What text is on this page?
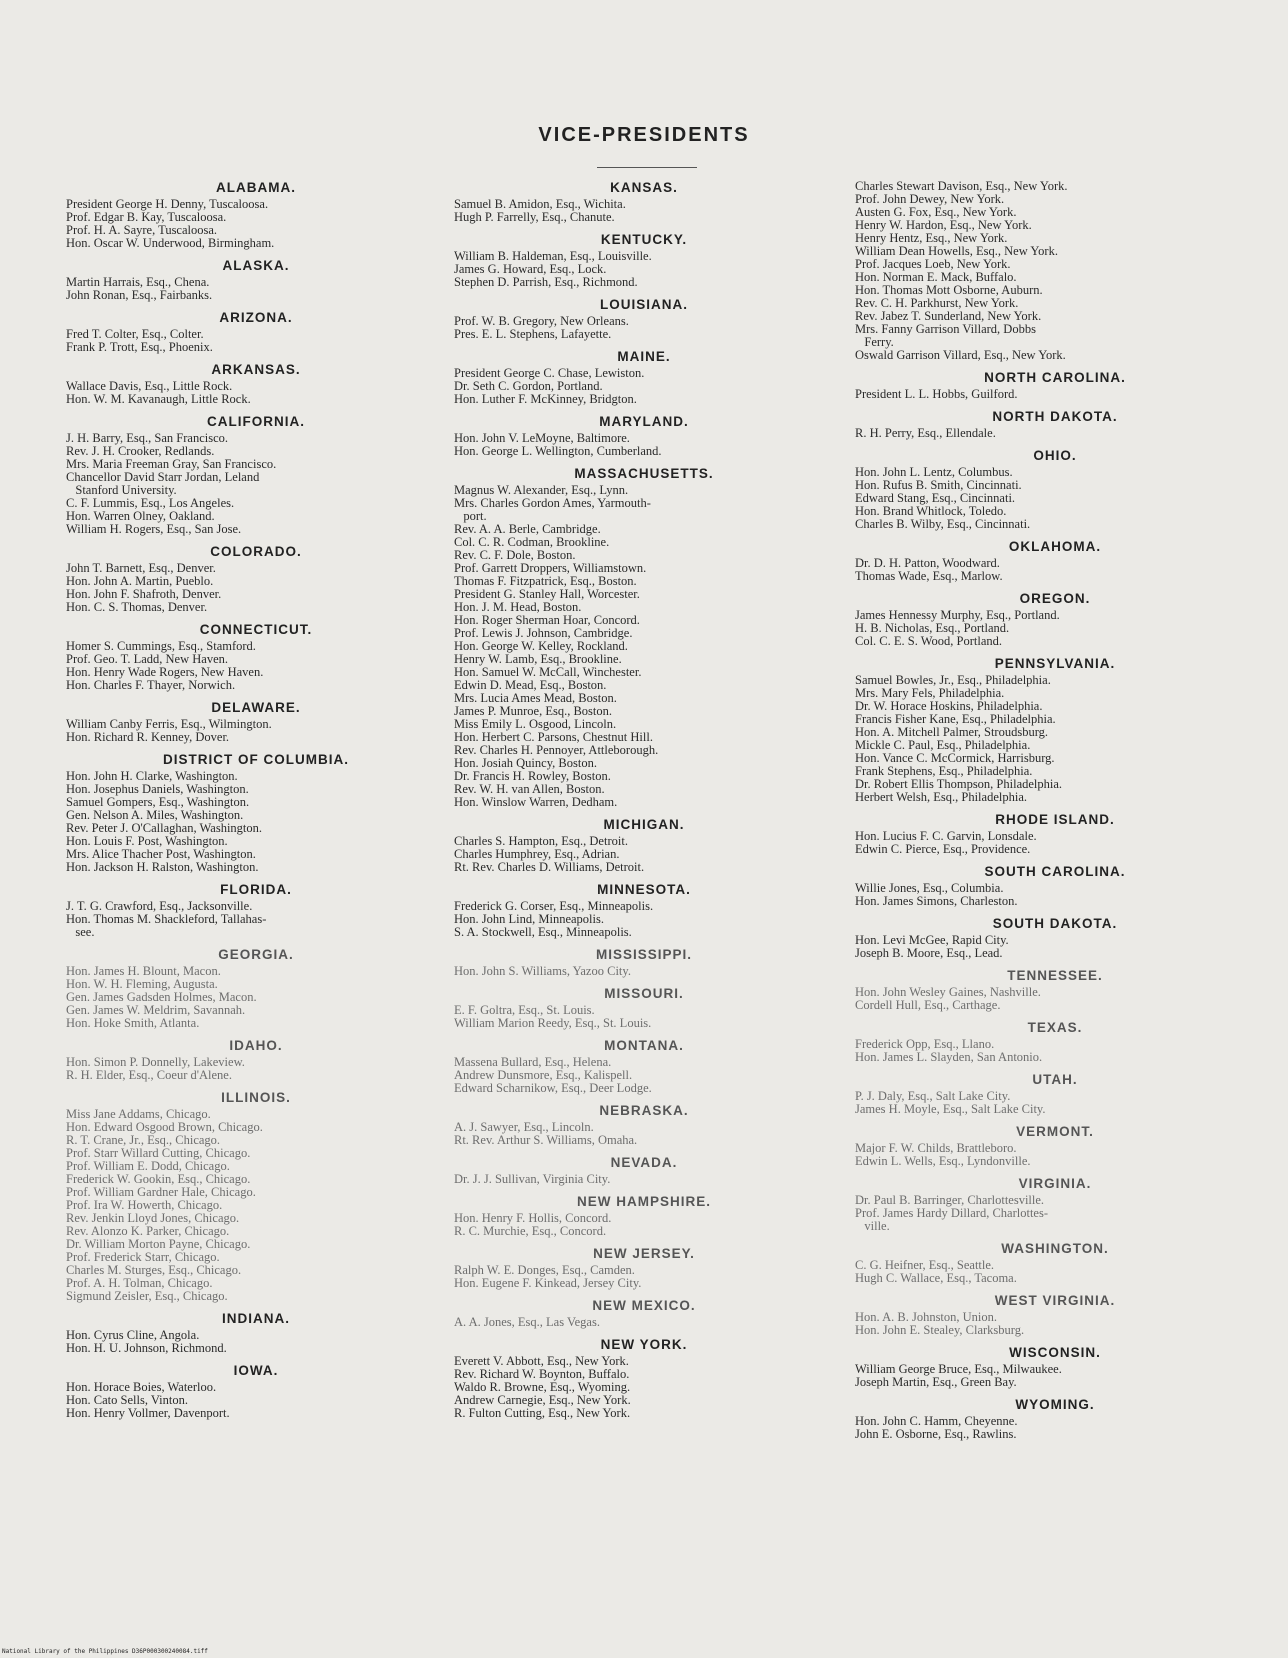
VICE-PRESIDENTS
ALABAMA.
President George H. Denny, Tuscaloosa.
Prof. Edgar B. Kay, Tuscaloosa.
Prof. H. A. Sayre, Tuscaloosa.
Hon. Oscar W. Underwood, Birmingham.
ALASKA.
Martin Harrais, Esq., Chena.
John Ronan, Esq., Fairbanks.
ARIZONA.
Fred T. Colter, Esq., Colter.
Frank P. Trott, Esq., Phoenix.
ARKANSAS.
Wallace Davis, Esq., Little Rock.
Hon. W. M. Kavanaugh, Little Rock.
CALIFORNIA.
J. H. Barry, Esq., San Francisco.
Rev. J. H. Crooker, Redlands.
Mrs. Maria Freeman Gray, San Francisco.
Chancellor David Starr Jordan, Leland
Stanford University.
C. F. Lummis, Esq., Los Angeles.
Hon. Warren Olney, Oakland.
William H. Rogers, Esq., San Jose.
COLORADO.
John T. Barnett, Esq., Denver.
Hon. John A. Martin, Pueblo.
Hon. John F. Shafroth, Denver.
Hon. C. S. Thomas, Denver.
CONNECTICUT.
Homer S. Cummings, Esq., Stamford.
Prof. Geo. T. Ladd, New Haven.
Hon. Henry Wade Rogers, New Haven.
Hon. Charles F. Thayer, Norwich.
DELAWARE.
William Canby Ferris, Esq., Wilmington.
Hon. Richard R. Kenney, Dover.
DISTRICT OF COLUMBIA.
Hon. John H. Clarke, Washington.
Hon. Josephus Daniels, Washington.
Samuel Gompers, Esq., Washington.
Gen. Nelson A. Miles, Washington.
Rev. Peter J. O'Callaghan, Washington.
Hon. Louis F. Post, Washington.
Mrs. Alice Thacher Post, Washington.
Hon. Jackson H. Ralston, Washington.
FLORIDA.
J. T. G. Crawford, Esq., Jacksonville.
Hon. Thomas M. Shackleford, Tallahas-
see.
GEORGIA.
Hon. James H. Blount, Macon.
Hon. W. H. Fleming, Augusta.
Gen. James Gadsden Holmes, Macon.
Gen. James W. Meldrim, Savannah.
Hon. Hoke Smith, Atlanta.
IDAHO.
Hon. Simon P. Donnelly, Lakeview.
R. H. Elder, Esq., Coeur d'Alene.
ILLINOIS.
Miss Jane Addams, Chicago.
Hon. Edward Osgood Brown, Chicago.
R. T. Crane, Jr., Esq., Chicago.
Prof. Starr Willard Cutting, Chicago.
Prof. William E. Dodd, Chicago.
Frederick W. Gookin, Esq., Chicago.
Prof. William Gardner Hale, Chicago.
Prof. Ira W. Howerth, Chicago.
Rev. Jenkin Lloyd Jones, Chicago.
Rev. Alonzo K. Parker, Chicago.
Dr. William Morton Payne, Chicago.
Prof. Frederick Starr, Chicago.
Charles M. Sturges, Esq., Chicago.
Prof. A. H. Tolman, Chicago.
Sigmund Zeisler, Esq., Chicago.
INDIANA.
Hon. Cyrus Cline, Angola.
Hon. H. U. Johnson, Richmond.
IOWA.
Hon. Horace Boies, Waterloo.
Hon. Cato Sells, Vinton.
Hon. Henry Vollmer, Davenport.
KANSAS.
Samuel B. Amidon, Esq., Wichita.
Hugh P. Farrelly, Esq., Chanute.
KENTUCKY.
William B. Haldeman, Esq., Louisville.
James G. Howard, Esq., Lock.
Stephen D. Parrish, Esq., Richmond.
LOUISIANA.
Prof. W. B. Gregory, New Orleans.
Pres. E. L. Stephens, Lafayette.
MAINE.
President George C. Chase, Lewiston.
Dr. Seth C. Gordon, Portland.
Hon. Luther F. McKinney, Bridgton.
MARYLAND.
Hon. John V. LeMoyne, Baltimore.
Hon. George L. Wellington, Cumberland.
MASSACHUSETTS.
Magnus W. Alexander, Esq., Lynn.
Mrs. Charles Gordon Ames, Yarmouth-
port.
Rev. A. A. Berle, Cambridge.
Col. C. R. Codman, Brookline.
Rev. C. F. Dole, Boston.
Prof. Garrett Droppers, Williamstown.
Thomas F. Fitzpatrick, Esq., Boston.
President G. Stanley Hall, Worcester.
Hon. J. M. Head, Boston.
Hon. Roger Sherman Hoar, Concord.
Prof. Lewis J. Johnson, Cambridge.
Hon. George W. Kelley, Rockland.
Henry W. Lamb, Esq., Brookline.
Hon. Samuel W. McCall, Winchester.
Edwin D. Mead, Esq., Boston.
Mrs. Lucia Ames Mead, Boston.
James P. Munroe, Esq., Boston.
Miss Emily L. Osgood, Lincoln.
Hon. Herbert C. Parsons, Chestnut Hill.
Rev. Charles H. Pennoyer, Attleborough.
Hon. Josiah Quincy, Boston.
Dr. Francis H. Rowley, Boston.
Rev. W. H. van Allen, Boston.
Hon. Winslow Warren, Dedham.
MICHIGAN.
Charles S. Hampton, Esq., Detroit.
Charles Humphrey, Esq., Adrian.
Rt. Rev. Charles D. Williams, Detroit.
MINNESOTA.
Frederick G. Corser, Esq., Minneapolis.
Hon. John Lind, Minneapolis.
S. A. Stockwell, Esq., Minneapolis.
MISSISSIPPI.
Hon. John S. Williams, Yazoo City.
MISSOURI.
E. F. Goltra, Esq., St. Louis.
William Marion Reedy, Esq., St. Louis.
MONTANA.
Massena Bullard, Esq., Helena.
Andrew Dunsmore, Esq., Kalispell.
Edward Scharnikow, Esq., Deer Lodge.
NEBRASKA.
A. J. Sawyer, Esq., Lincoln.
Rt. Rev. Arthur S. Williams, Omaha.
NEVADA.
Dr. J. J. Sullivan, Virginia City.
NEW HAMPSHIRE.
Hon. Henry F. Hollis, Concord.
R. C. Murchie, Esq., Concord.
NEW JERSEY.
Ralph W. E. Donges, Esq., Camden.
Hon. Eugene F. Kinkead, Jersey City.
NEW MEXICO.
A. A. Jones, Esq., Las Vegas.
NEW YORK.
Everett V. Abbott, Esq., New York.
Rev. Richard W. Boynton, Buffalo.
Waldo R. Browne, Esq., Wyoming.
Andrew Carnegie, Esq., New York.
R. Fulton Cutting, Esq., New York.
Charles Stewart Davison, Esq., New York.
Prof. John Dewey, New York.
Austen G. Fox, Esq., New York.
Henry W. Hardon, Esq., New York.
Henry Hentz, Esq., New York.
William Dean Howells, Esq., New York.
Prof. Jacques Loeb, New York.
Hon. Norman E. Mack, Buffalo.
Hon. Thomas Mott Osborne, Auburn.
Rev. C. H. Parkhurst, New York.
Rev. Jabez T. Sunderland, New York.
Mrs. Fanny Garrison Villard, Dobbs
Ferry.
Oswald Garrison Villard, Esq., New York.
NORTH CAROLINA.
President L. L. Hobbs, Guilford.
NORTH DAKOTA.
R. H. Perry, Esq., Ellendale.
OHIO.
Hon. John L. Lentz, Columbus.
Hon. Rufus B. Smith, Cincinnati.
Edward Stang, Esq., Cincinnati.
Hon. Brand Whitlock, Toledo.
Charles B. Wilby, Esq., Cincinnati.
OKLAHOMA.
Dr. D. H. Patton, Woodward.
Thomas Wade, Esq., Marlow.
OREGON.
James Hennessy Murphy, Esq., Portland.
H. B. Nicholas, Esq., Portland.
Col. C. E. S. Wood, Portland.
PENNSYLVANIA.
Samuel Bowles, Jr., Esq., Philadelphia.
Mrs. Mary Fels, Philadelphia.
Dr. W. Horace Hoskins, Philadelphia.
Francis Fisher Kane, Esq., Philadelphia.
Hon. A. Mitchell Palmer, Stroudsburg.
Mickle C. Paul, Esq., Philadelphia.
Hon. Vance C. McCormick, Harrisburg.
Frank Stephens, Esq., Philadelphia.
Dr. Robert Ellis Thompson, Philadelphia.
Herbert Welsh, Esq., Philadelphia.
RHODE ISLAND.
Hon. Lucius F. C. Garvin, Lonsdale.
Edwin C. Pierce, Esq., Providence.
SOUTH CAROLINA.
Willie Jones, Esq., Columbia.
Hon. James Simons, Charleston.
SOUTH DAKOTA.
Hon. Levi McGee, Rapid City.
Joseph B. Moore, Esq., Lead.
TENNESSEE.
Hon. John Wesley Gaines, Nashville.
Cordell Hull, Esq., Carthage.
TEXAS.
Frederick Opp, Esq., Llano.
Hon. James L. Slayden, San Antonio.
UTAH.
P. J. Daly, Esq., Salt Lake City.
James H. Moyle, Esq., Salt Lake City.
VERMONT.
Major F. W. Childs, Brattleboro.
Edwin L. Wells, Esq., Lyndonville.
VIRGINIA.
Dr. Paul B. Barringer, Charlottesville.
Prof. James Hardy Dillard, Charlottes-
ville.
WASHINGTON.
C. G. Heifner, Esq., Seattle.
Hugh C. Wallace, Esq., Tacoma.
WEST VIRGINIA.
Hon. A. B. Johnston, Union.
Hon. John E. Stealey, Clarksburg.
WISCONSIN.
William George Bruce, Esq., Milwaukee.
Joseph Martin, Esq., Green Bay.
WYOMING.
Hon. John C. Hamm, Cheyenne.
John E. Osborne, Esq., Rawlins.
National Library of the Philippines D36P000300240084.tiff
